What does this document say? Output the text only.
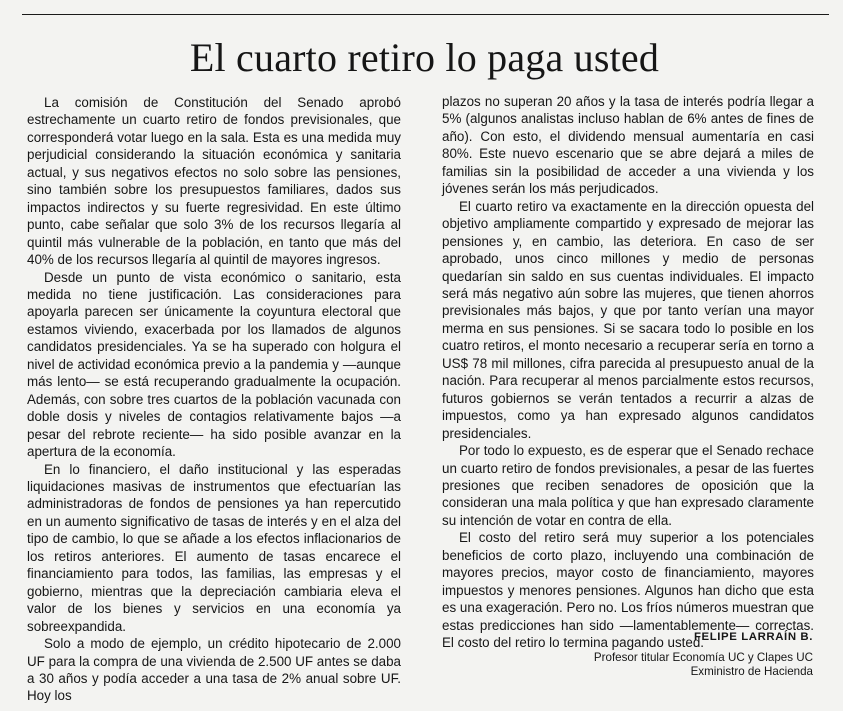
El cuarto retiro lo paga usted

La comisión de Constitución del Senado aprobó estrechamente un cuarto retiro de fondos previsionales, que corresponderá votar luego en la sala. Esta es una medida muy perjudicial considerando la situación económica y sanitaria actual, y sus negativos efectos no solo sobre las pensiones, sino también sobre los presupuestos familiares, dados sus impactos indirectos y su fuerte regresividad. En este último punto, cabe señalar que solo 3% de los recursos llegaría al quintil más vulnerable de la población, en tanto que más del 40% de los recursos llegaría al quintil de mayores ingresos.

Desde un punto de vista económico o sanitario, esta medida no tiene justificación. Las consideraciones para apoyarla parecen ser únicamente la coyuntura electoral que estamos viviendo, exacerbada por los llamados de algunos candidatos presidenciales. Ya se ha superado con holgura el nivel de actividad económica previo a la pandemia y —aunque más lento— se está recuperando gradualmente la ocupación. Además, con sobre tres cuartos de la población vacunada con doble dosis y niveles de contagios relativamente bajos —a pesar del rebrote reciente— ha sido posible avanzar en la apertura de la economía.

En lo financiero, el daño institucional y las esperadas liquidaciones masivas de instrumentos que efectuarían las administradoras de fondos de pensiones ya han repercutido en un aumento significativo de tasas de interés y en el alza del tipo de cambio, lo que se añade a los efectos inflacionarios de los retiros anteriores. El aumento de tasas encarece el financiamiento para todos, las familias, las empresas y el gobierno, mientras que la depreciación cambiaria eleva el valor de los bienes y servicios en una economía ya sobreexpandida.

Solo a modo de ejemplo, un crédito hipotecario de 2.000 UF para la compra de una vivienda de 2.500 UF antes se daba a 30 años y podía acceder a una tasa de 2% anual sobre UF. Hoy los

plazos no superan 20 años y la tasa de interés podría llegar a 5% (algunos analistas incluso hablan de 6% antes de fines de año). Con esto, el dividendo mensual aumentaría en casi 80%. Este nuevo escenario que se abre dejará a miles de familias sin la posibilidad de acceder a una vivienda y los jóvenes serán los más perjudicados.

El cuarto retiro va exactamente en la dirección opuesta del objetivo ampliamente compartido y expresado de mejorar las pensiones y, en cambio, las deteriora. En caso de ser aprobado, unos cinco millones y medio de personas quedarían sin saldo en sus cuentas individuales. El impacto será más negativo aún sobre las mujeres, que tienen ahorros previsionales más bajos, y que por tanto verían una mayor merma en sus pensiones. Si se sacara todo lo posible en los cuatro retiros, el monto necesario a recuperar sería en torno a US$ 78 mil millones, cifra parecida al presupuesto anual de la nación. Para recuperar al menos parcialmente estos recursos, futuros gobiernos se verán tentados a recurrir a alzas de impuestos, como ya han expresado algunos candidatos presidenciales.

Por todo lo expuesto, es de esperar que el Senado rechace un cuarto retiro de fondos previsionales, a pesar de las fuertes presiones que reciben senadores de oposición que la consideran una mala política y que han expresado claramente su intención de votar en contra de ella.

El costo del retiro será muy superior a los potenciales beneficios de corto plazo, incluyendo una combinación de mayores precios, mayor costo de financiamiento, mayores impuestos y menores pensiones. Algunos han dicho que esta es una exageración. Pero no. Los fríos números muestran que estas predicciones han sido —lamentablemente— correctas. El costo del retiro lo termina pagando usted.

FELIPE LARRAÍN B.
Profesor titular Economía UC y Clapes UC
Exministro de Hacienda
